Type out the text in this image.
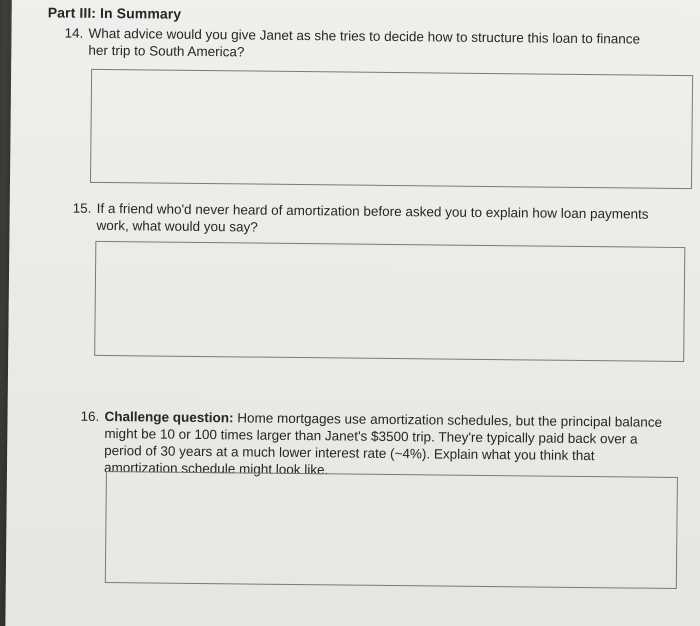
Part III: In Summary
14. What advice would you give Janet as she tries to decide how to structure this loan to finance her trip to South America?
15. If a friend who'd never heard of amortization before asked you to explain how loan payments work, what would you say?
16. Challenge question: Home mortgages use amortization schedules, but the principal balance might be 10 or 100 times larger than Janet's $3500 trip. They're typically paid back over a period of 30 years at a much lower interest rate (~4%). Explain what you think that amortization schedule might look like.
